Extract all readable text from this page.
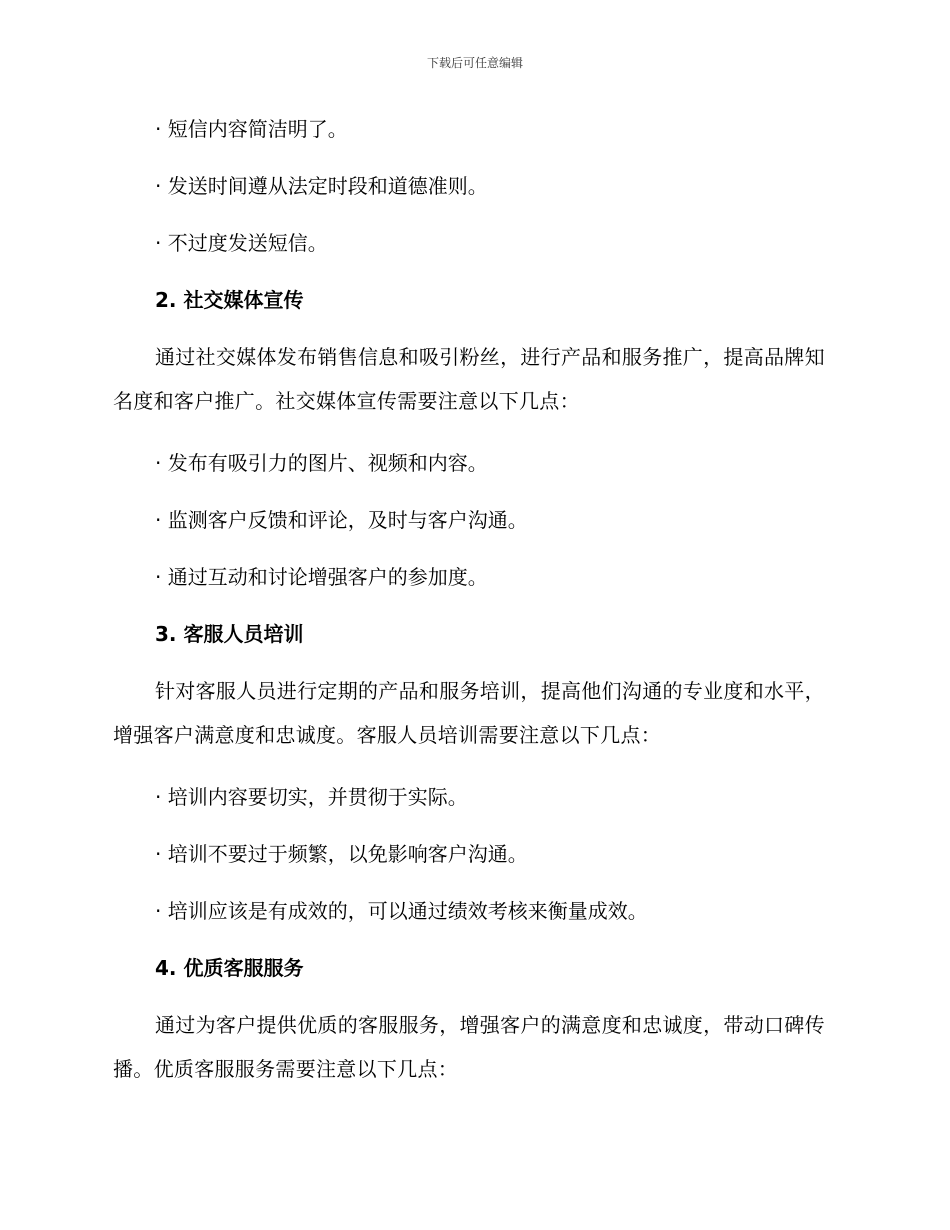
下载后可任意编辑
· 短信内容简洁明了。
· 发送时间遵从法定时段和道德准则。
· 不过度发送短信。
2. 社交媒体宣传
通过社交媒体发布销售信息和吸引粉丝，进行产品和服务推广，提高品牌知名度和客户推广。社交媒体宣传需要注意以下几点：
· 发布有吸引力的图片、视频和内容。
· 监测客户反馈和评论，及时与客户沟通。
· 通过互动和讨论增强客户的参加度。
3. 客服人员培训
针对客服人员进行定期的产品和服务培训，提高他们沟通的专业度和水平，增强客户满意度和忠诚度。客服人员培训需要注意以下几点：
· 培训内容要切实，并贯彻于实际。
· 培训不要过于频繁，以免影响客户沟通。
· 培训应该是有成效的，可以通过绩效考核来衡量成效。
4. 优质客服服务
通过为客户提供优质的客服服务，增强客户的满意度和忠诚度，带动口碑传播。优质客服服务需要注意以下几点：
